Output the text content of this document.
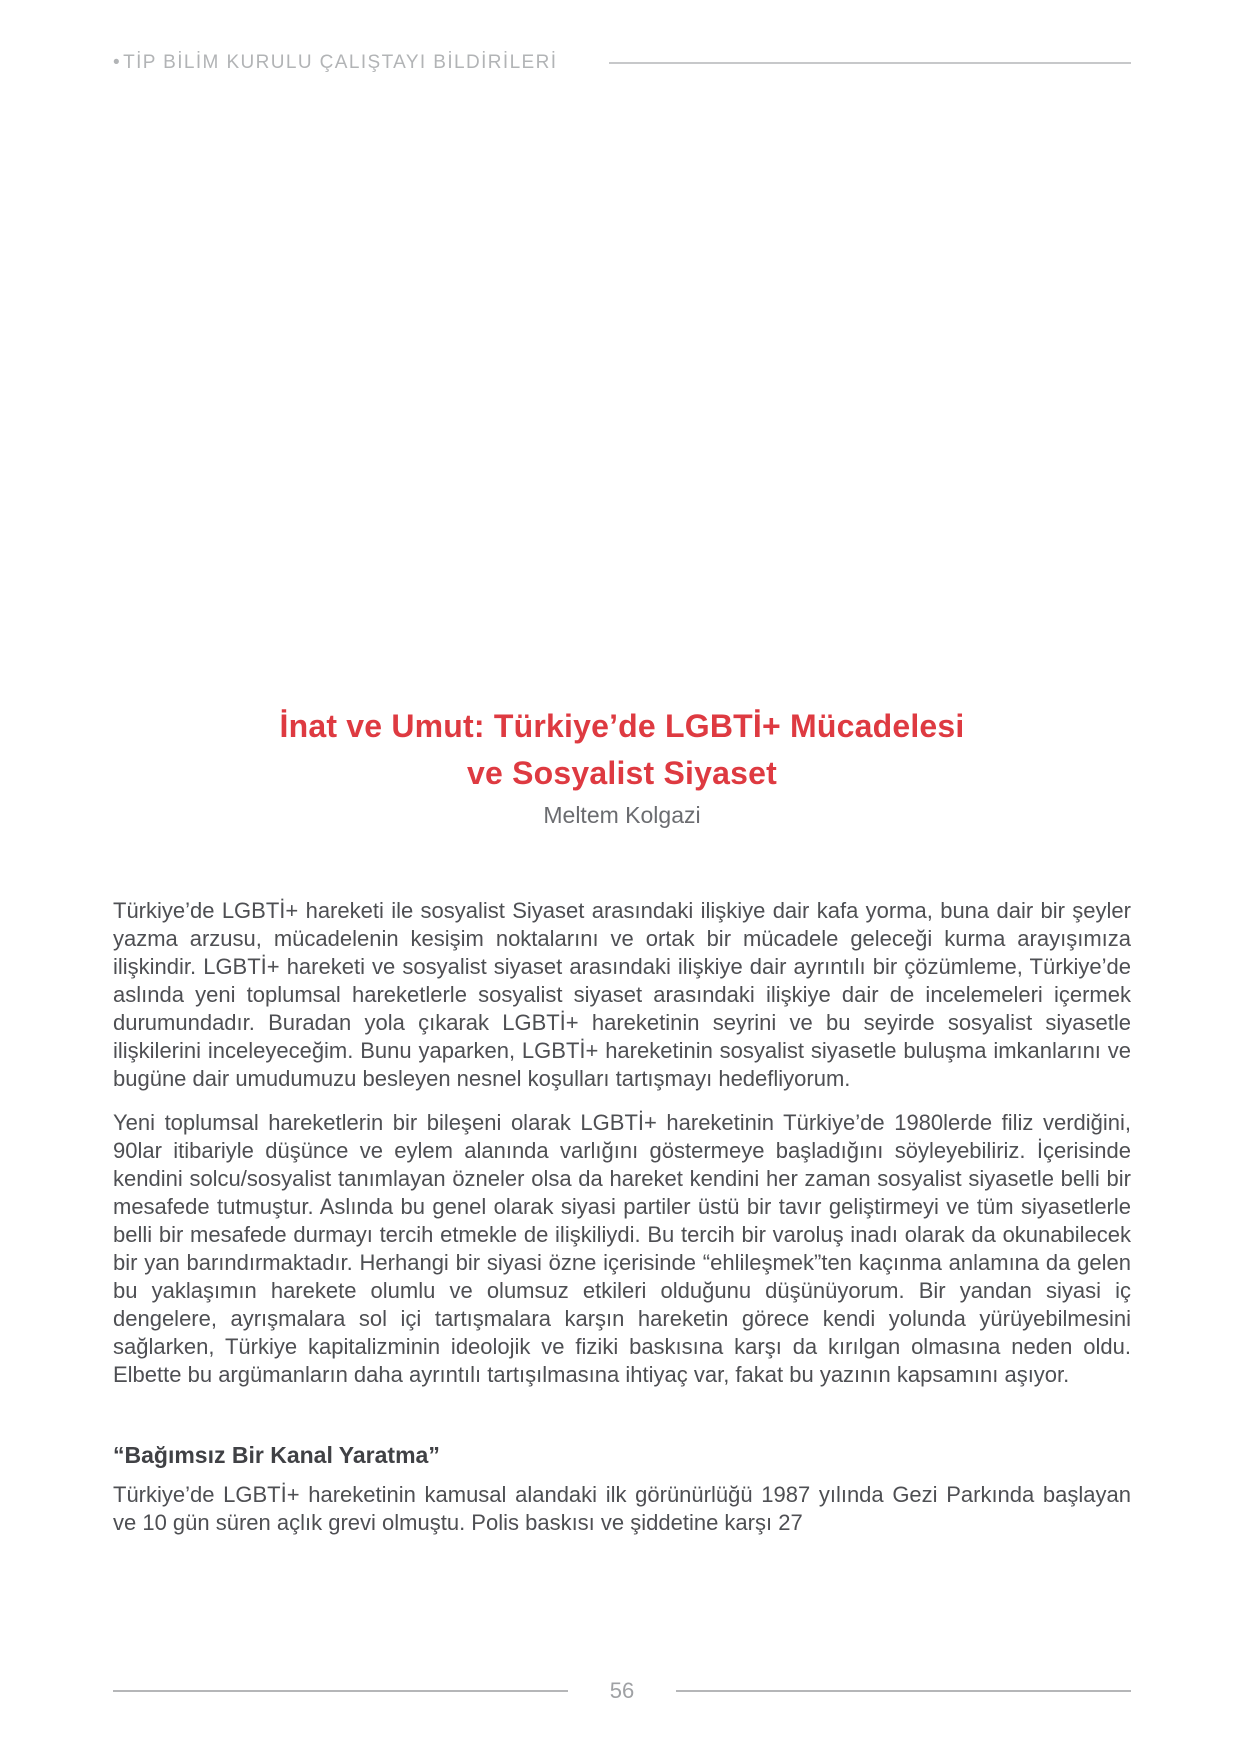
• TİP BİLİM KURULU ÇALIŞTAYI BİLDİRİLERİ
İnat ve Umut: Türkiye’de LGBTİ+ Mücadelesi
ve Sosyalist Siyaset
Meltem Kolgazi

Türkiye’de LGBTİ+ hareketi ile sosyalist Siyaset arasındaki ilişkiye dair kafa yorma, buna dair bir şeyler yazma arzusu, mücadelenin kesişim noktalarını ve ortak bir mücadele geleceği kurma arayışımıza ilişkindir. LGBTİ+ hareketi ve sosyalist siyaset arasındaki ilişkiye dair ayrıntılı bir çözümleme, Türkiye’de aslında yeni toplumsal hareketlerle sosyalist siyaset arasındaki ilişkiye dair de incelemeleri içermek durumundadır. Buradan yola çıkarak LGBTİ+ hareketinin seyrini ve bu seyirde sosyalist siyasetle ilişkilerini inceleyeceğim. Bunu yaparken, LGBTİ+ hareketinin sosyalist siyasetle buluşma imkanlarını ve bugüne dair umudumuzu besleyen nesnel koşulları tartışmayı hedefliyorum.

Yeni toplumsal hareketlerin bir bileşeni olarak LGBTİ+ hareketinin Türkiye’de 1980lerde filiz verdiğini, 90lar itibariyle düşünce ve eylem alanında varlığını göstermeye başladığını söyleyebiliriz. İçerisinde kendini solcu/sosyalist tanımlayan özneler olsa da hareket kendini her zaman sosyalist siyasetle belli bir mesafede tutmuştur. Aslında bu genel olarak siyasi partiler üstü bir tavır geliştirmeyi ve tüm siyasetlerle belli bir mesafede durmayı tercih etmekle de ilişkiliydi. Bu tercih bir varoluş inadı olarak da okunabilecek bir yan barındırmaktadır. Herhangi bir siyasi özne içerisinde “ehlileşmek”ten kaçınma anlamına da gelen bu yaklaşımın harekete olumlu ve olumsuz etkileri olduğunu düşünüyorum. Bir yandan siyasi iç dengelere, ayrışmalara sol içi tartışmalara karşın hareketin görece kendi yolunda yürüyebilmesini sağlarken, Türkiye kapitalizminin ideolojik ve fiziki baskısına karşı da kırılgan olmasına neden oldu. Elbette bu argümanların daha ayrıntılı tartışılmasına ihtiyaç var, fakat bu yazının kapsamını aşıyor.

“Bağımsız Bir Kanal Yaratma”

Türkiye’de LGBTİ+ hareketinin kamusal alandaki ilk görünürlüğü 1987 yılında Gezi Parkında başlayan ve 10 gün süren açlık grevi olmuştu. Polis baskısı ve şiddetine karşı 27

56
